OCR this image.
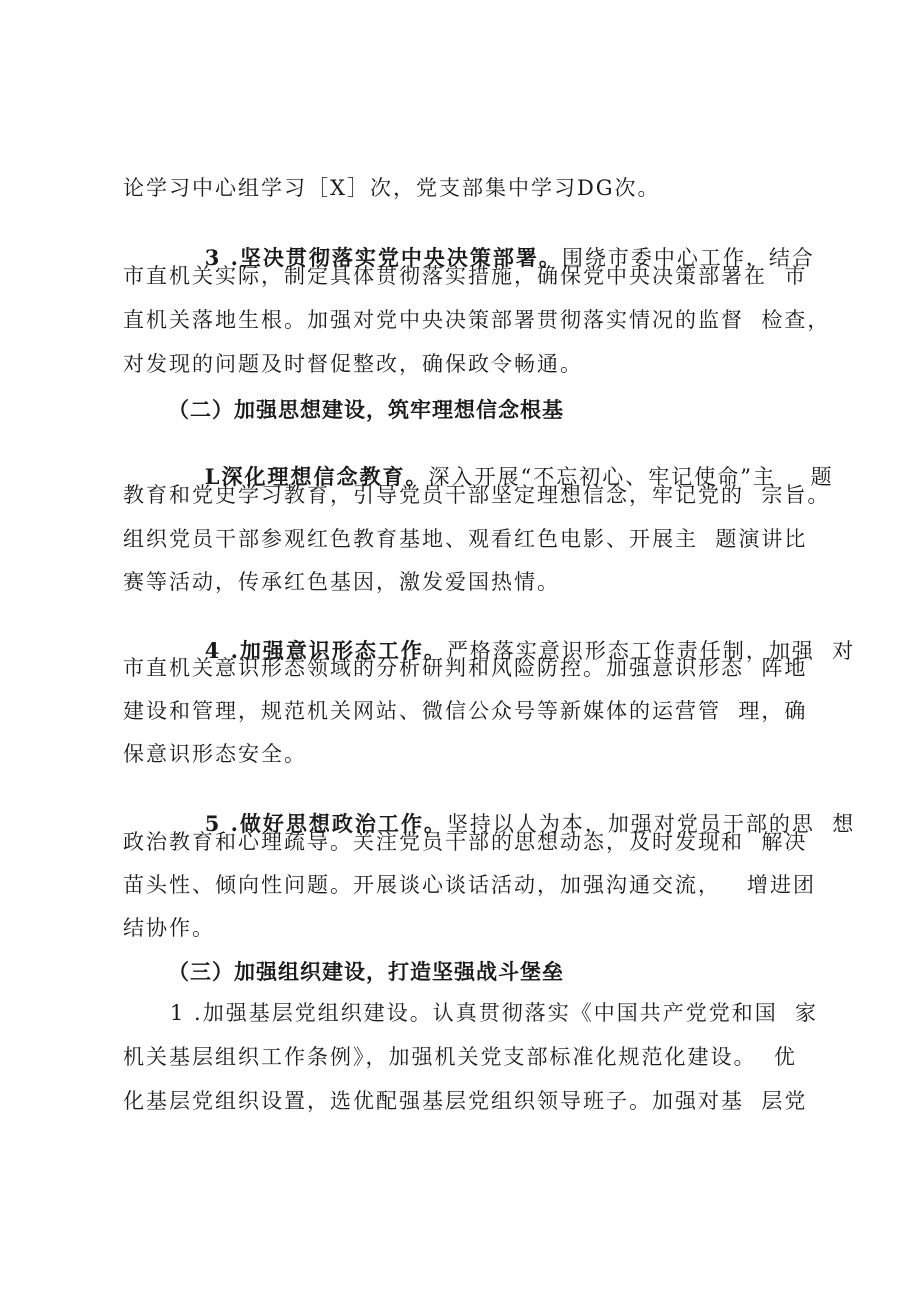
论学习中心组学习［X］次，党支部集中学习DG次。

3 .坚决贯彻落实党中央决策部署。围绕市委中心工作，结合

市直机关实际，制定具体贯彻落实措施，确保党中央决策部署在  市
直机关落地生根。加强对党中央决策部署贯彻落实情况的监督  检查，
对发现的问题及时督促整改，确保政令畅通。
（二）加强思想建设，筑牢理想信念根基

L深化理想信念教育。深入开展“不忘初心、牢记使命”主    题

教育和党史学习教育，引导党员干部坚定理想信念，牢记党的  宗旨。
组织党员干部参观红色教育基地、观看红色电影、开展主  题演讲比
赛等活动，传承红色基因，激发爱国热情。

4 .加强意识形态工作。严格落实意识形态工作责任制，加强  对

市直机关意识形态领域的分析研判和风险防控。加强意识形态  阵地
建设和管理，规范机关网站、微信公众号等新媒体的运营管  理，确
保意识形态安全。

5 .做好思想政治工作。坚持以人为本，加强对党员干部的思  想

政治教育和心理疏导。关注党员干部的思想动态，及时发现和  解决
苗头性、倾向性问题。开展谈心谈话活动，加强沟通交流，   增进团
结协作。
（三）加强组织建设，打造坚强战斗堡垒
1 .加强基层党组织建设。认真贯彻落实《中国共产党党和国  家
机关基层组织工作条例》，加强机关党支部标准化规范化建设。  优
化基层党组织设置，选优配强基层党组织领导班子。加强对基  层党
